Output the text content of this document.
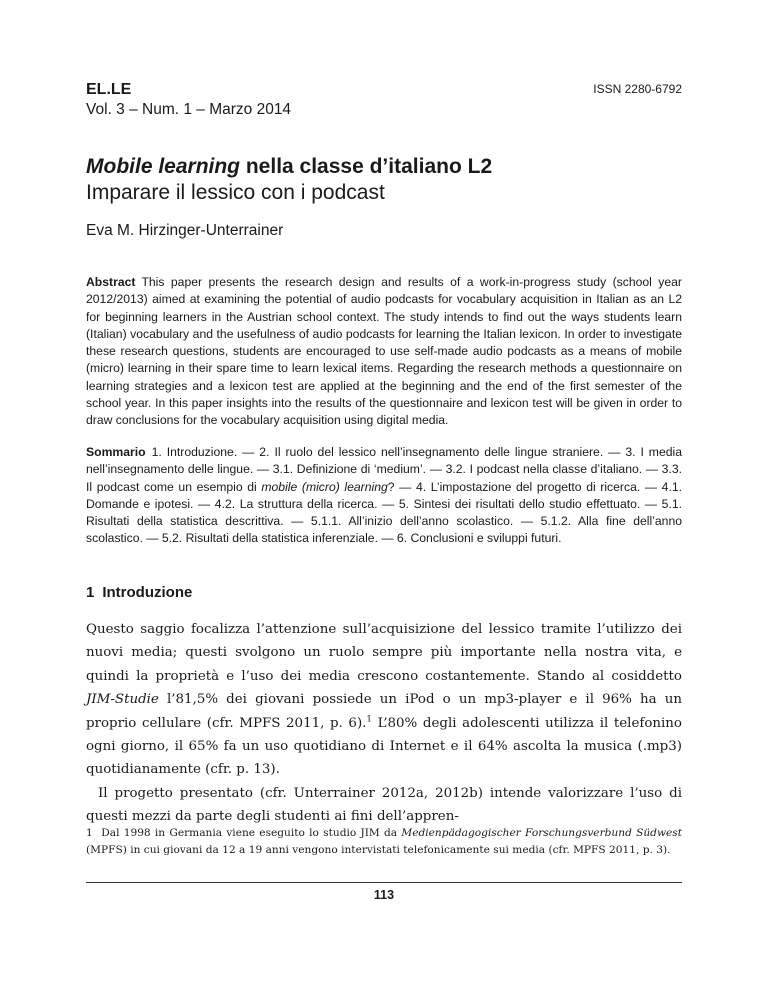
EL.LE

Vol. 3 – Num. 1 – Marzo 2014

ISSN 2280-6792

Mobile learning nella classe d’italiano L2

Imparare il lessico con i podcast

Eva M. Hirzinger-Unterrainer

Abstract This paper presents the research design and results of a work-in-progress study (school year 2012/2013) aimed at examining the potential of audio podcasts for vocabulary acquisition in Italian as an L2 for beginning learners in the Austrian school context. The study intends to find out the ways students learn (Italian) vocabulary and the usefulness of audio podcasts for learning the Italian lexicon. In order to investigate these research questions, students are encouraged to use self-made audio podcasts as a means of mobile (micro) learning in their spare time to learn lexical items. Regarding the research methods a questionnaire on learning strategies and a lexicon test are applied at the beginning and the end of the first semester of the school year. In this paper insights into the results of the questionnaire and lexicon test will be given in order to draw conclusions for the vocabulary acquisition using digital media.

Sommario 1. Introduzione. — 2. Il ruolo del lessico nell’insegnamento delle lingue straniere. — 3. I media nell’insegnamento delle lingue. — 3.1. Definizione di ‘medium’. — 3.2. I podcast nella classe d’italiano. — 3.3. Il podcast come un esempio di mobile (micro) learning? — 4. L’impostazione del progetto di ricerca. — 4.1. Domande e ipotesi. — 4.2. La struttura della ricerca. — 5. Sintesi dei risultati dello studio effettuato. — 5.1. Risultati della statistica descrittiva. — 5.1.1. All’inizio dell’anno scolastico. — 5.1.2. Alla fine dell’anno scolastico. — 5.2. Risultati della statistica inferenziale. — 6. Conclusioni e sviluppi futuri.

1 Introduzione

Questo saggio focalizza l’attenzione sull’acquisizione del lessico tramite l’utilizzo dei nuovi media; questi svolgono un ruolo sempre più importante nella nostra vita, e quindi la proprietà e l’uso dei media crescono costantemente. Stando al cosiddetto JIM-Studie l’81,5% dei giovani possiede un iPod o un mp3-player e il 96% ha un proprio cellulare (cfr. MPFS 2011, p. 6).$^1$ L’80% degli adolescenti utilizza il telefonino ogni giorno, il 65% fa un uso quotidiano di Internet e il 64% ascolta la musica (.mp3) quotidianamente (cfr. p. 13).

Il progetto presentato (cfr. Unterrainer 2012a, 2012b) intende valorizzare l’uso di questi mezzi da parte degli studenti ai fini dell’appren-

1 Dal 1998 in Germania viene eseguito lo studio JIM da Medienpädagogischer Forschungsverbund Südwest (MPFS) in cui giovani da 12 a 19 anni vengono intervistati telefonicamente sui media (cfr. MPFS 2011, p. 3).

113
